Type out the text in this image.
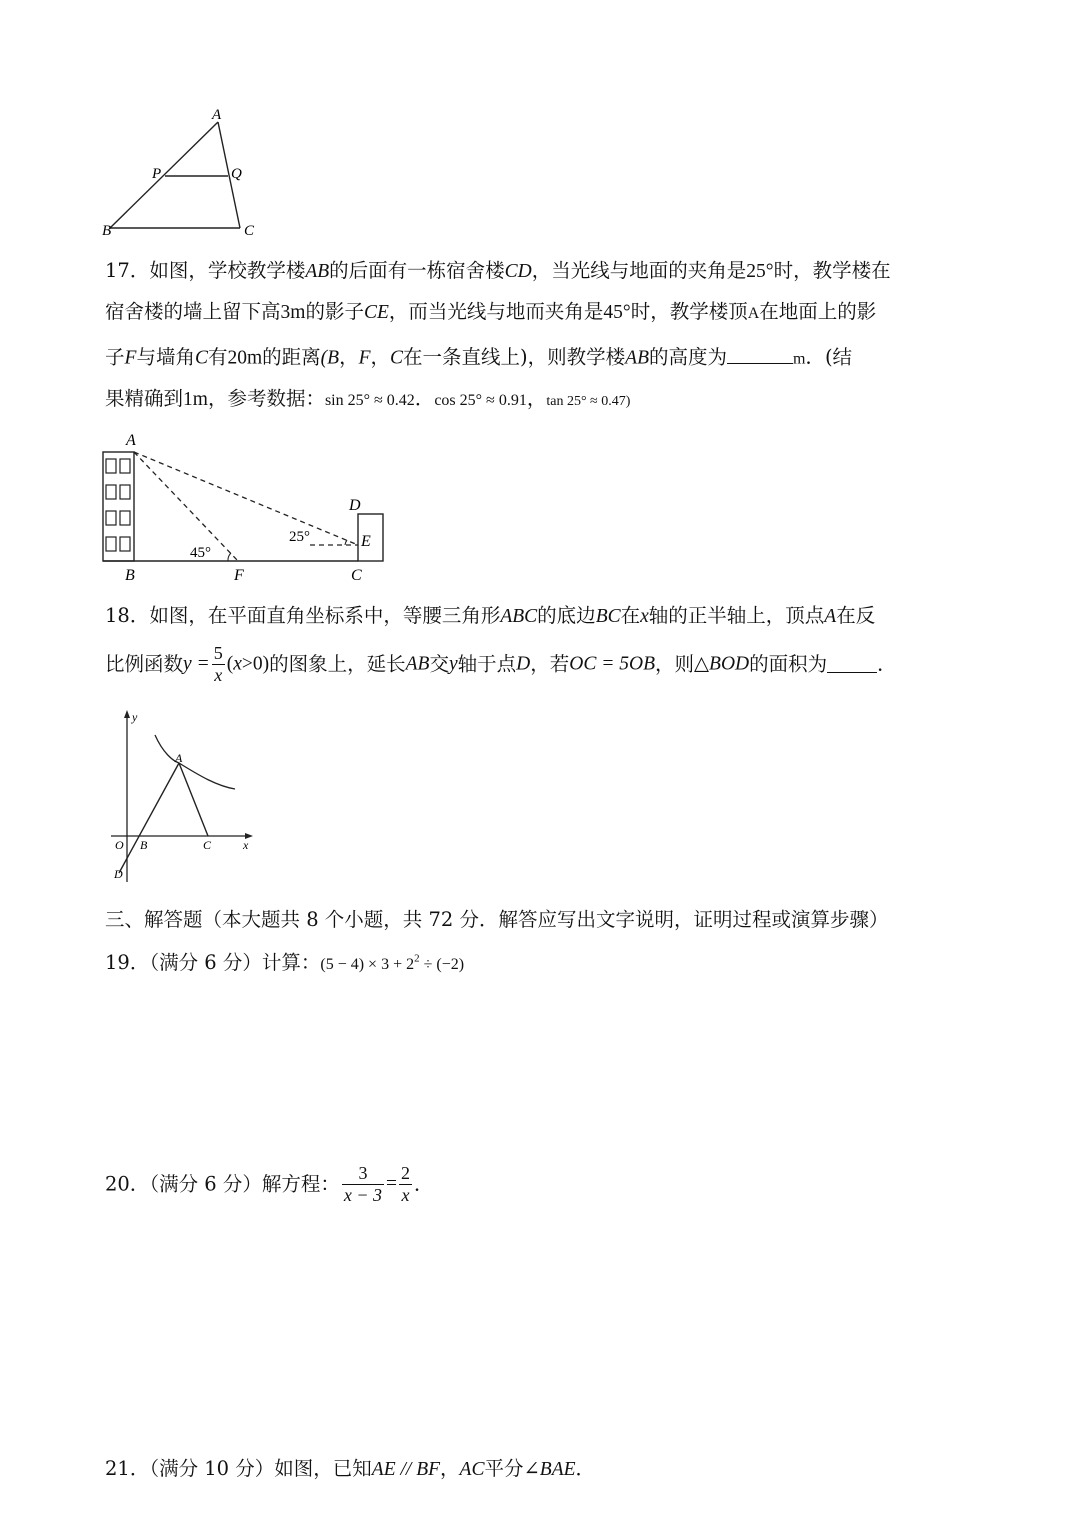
A
P	Q
B	C
17．如图，学校教学楼AB的后面有一栋宿舍楼CD，当光线与地面的夹角是25°时，教学楼在
宿舍楼的墙上留下高3m的影子CE，而当光线与地而夹角是45°时，教学楼顶A在地面上的影
子F与墙角C有20m的距离(B，F，C在一条直线上)，则教学楼AB的高度为	m．(结
果精确到1m，参考数据：sin 25° ≈ 0.42．cos 25° ≈ 0.91，tan 25° ≈ 0.47)
A
B	F	C
D
E
45°
25°
18．如图，在平面直角坐标系中，等腰三角形ABC的底边BC在x轴的正半轴上，顶点A在反
比例函数$y = \frac{5}{x} (x>0)$的图象上，延长AB交y轴于点D，若OC = 5OB，则△BOD的面积为	．
y
x
A
O B	C
D
三、解答题（本大题共 8 个小题，共 72 分．解答应写出文字说明，证明过程或演算步骤）
19．（满分 6 分）计算：$(5 - 4) \times 3 + 2^2 \div (-2)$
20．（满分 6 分）解方程： $\frac{3}{x - 3} = \frac{2}{x}$ ．
21．（满分 10 分）如图，已知AE // BF，AC平分∠BAE．
